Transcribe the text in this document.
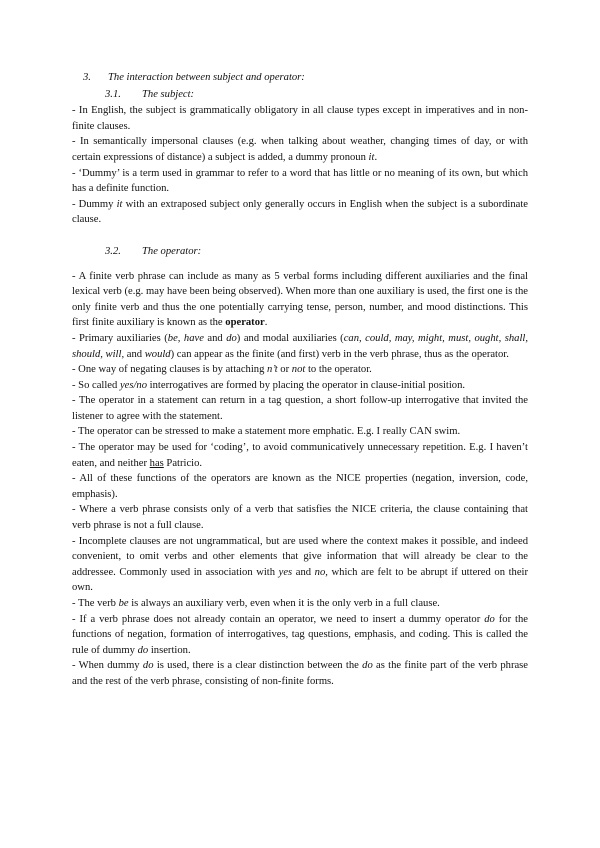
3. The interaction between subject and operator:
3.1. The subject:

- In English, the subject is grammatically obligatory in all clause types except in imperatives and in non-finite clauses.

- In semantically impersonal clauses (e.g. when talking about weather, changing times of day, or with certain expressions of distance) a subject is added, a dummy pronoun it.

- ‘Dummy’ is a term used in grammar to refer to a word that has little or no meaning of its own, but which has a definite function.

- Dummy it with an extraposed subject only generally occurs in English when the subject is a subordinate clause.

3.2. The operator:

- A finite verb phrase can include as many as 5 verbal forms including different auxiliaries and the final lexical verb (e.g. may have been being observed). When more than one auxiliary is used, the first one is the only finite verb and thus the one potentially carrying tense, person, number, and mood distinctions. This first finite auxiliary is known as the operator.

- Primary auxiliaries (be, have and do) and modal auxiliaries (can, could, may, might, must, ought, shall, should, will, and would) can appear as the finite (and first) verb in the verb phrase, thus as the operator.

- One way of negating clauses is by attaching n’t or not to the operator.

- So called yes/no interrogatives are formed by placing the operator in clause-initial position.

- The operator in a statement can return in a tag question, a short follow-up interrogative that invited the listener to agree with the statement.

- The operator can be stressed to make a statement more emphatic. E.g. I really CAN swim.

- The operator may be used for ‘coding’, to avoid communicatively unnecessary repetition. E.g. I haven’t eaten, and neither has Patricio.

- All of these functions of the operators are known as the NICE properties (negation, inversion, code, emphasis).

- Where a verb phrase consists only of a verb that satisfies the NICE criteria, the clause containing that verb phrase is not a full clause.

- Incomplete clauses are not ungrammatical, but are used where the context makes it possible, and indeed convenient, to omit verbs and other elements that give information that will already be clear to the addressee. Commonly used in association with yes and no, which are felt to be abrupt if uttered on their own.

- The verb be is always an auxiliary verb, even when it is the only verb in a full clause.

- If a verb phrase does not already contain an operator, we need to insert a dummy operator do for the functions of negation, formation of interrogatives, tag questions, emphasis, and coding. This is called the rule of dummy do insertion.

- When dummy do is used, there is a clear distinction between the do as the finite part of the verb phrase and the rest of the verb phrase, consisting of non-finite forms.
